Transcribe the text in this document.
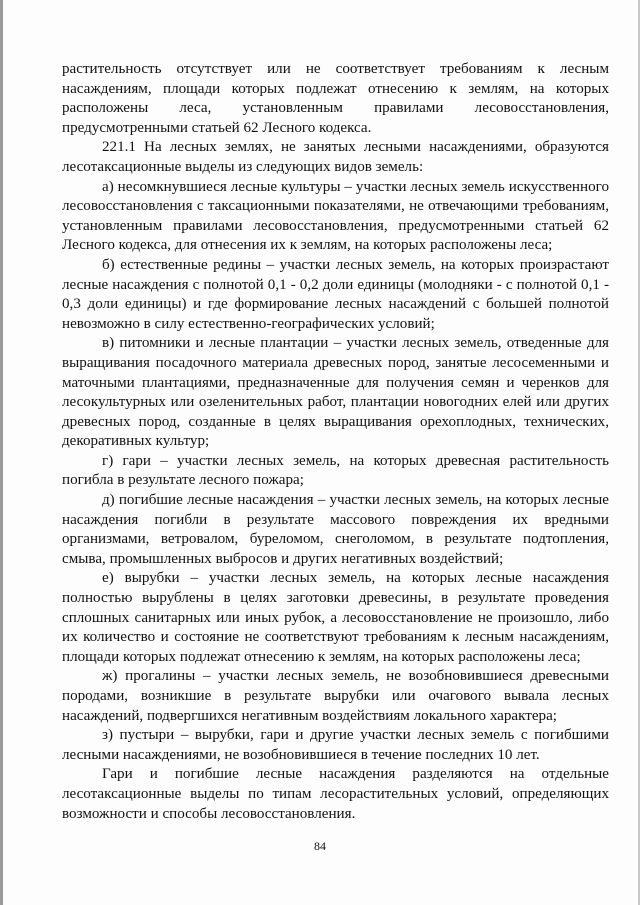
растительность отсутствует или не соответствует требованиям к лесным насаждениям, площади которых подлежат отнесению к землям, на которых расположены леса, установленным правилами лесовосстановления, предусмотренными статьей 62 Лесного кодекса.

221.1 На лесных землях, не занятых лесными насаждениями, образуются лесотаксационные выделы из следующих видов земель:

а) несомкнувшиеся лесные культуры – участки лесных земель искусственного лесовосстановления с таксационными показателями, не отвечающими требованиям, установленным правилами лесовосстановления, предусмотренными статьей 62 Лесного кодекса, для отнесения их к землям, на которых расположены леса;

б) естественные редины – участки лесных земель, на которых произрастают лесные насаждения с полнотой 0,1 - 0,2 доли единицы (молодняки - с полнотой 0,1 - 0,3 доли единицы) и где формирование лесных насаждений с большей полнотой невозможно в силу естественно-географических условий;

в) питомники и лесные плантации – участки лесных земель, отведенные для выращивания посадочного материала древесных пород, занятые лесосеменными и маточными плантациями, предназначенные для получения семян и черенков для лесокультурных или озеленительных работ, плантации новогодних елей или других древесных пород, созданные в целях выращивания орехоплодных, технических, декоративных культур;

г) гари – участки лесных земель, на которых древесная растительность погибла в результате лесного пожара;

д) погибшие лесные насаждения – участки лесных земель, на которых лесные насаждения погибли в результате массового повреждения их вредными организмами, ветровалом, буреломом, снеголомом, в результате подтопления, смыва, промышленных выбросов и других негативных воздействий;

е) вырубки – участки лесных земель, на которых лесные насаждения полностью вырублены в целях заготовки древесины, в результате проведения сплошных санитарных или иных рубок, а лесовосстановление не произошло, либо их количество и состояние не соответствуют требованиям к лесным насаждениям, площади которых подлежат отнесению к землям, на которых расположены леса;

ж) прогалины – участки лесных земель, не возобновившиеся древесными породами, возникшие в результате вырубки или очагового вывала лесных насаждений, подвергшихся негативным воздействиям локального характера;

з) пустыри – вырубки, гари и другие участки лесных земель с погибшими лесными насаждениями, не возобновившиеся в течение последних 10 лет.

Гари и погибшие лесные насаждения разделяются на отдельные лесотаксационные выделы по типам лесорастительных условий, определяющих возможности и способы лесовосстановления.

84
